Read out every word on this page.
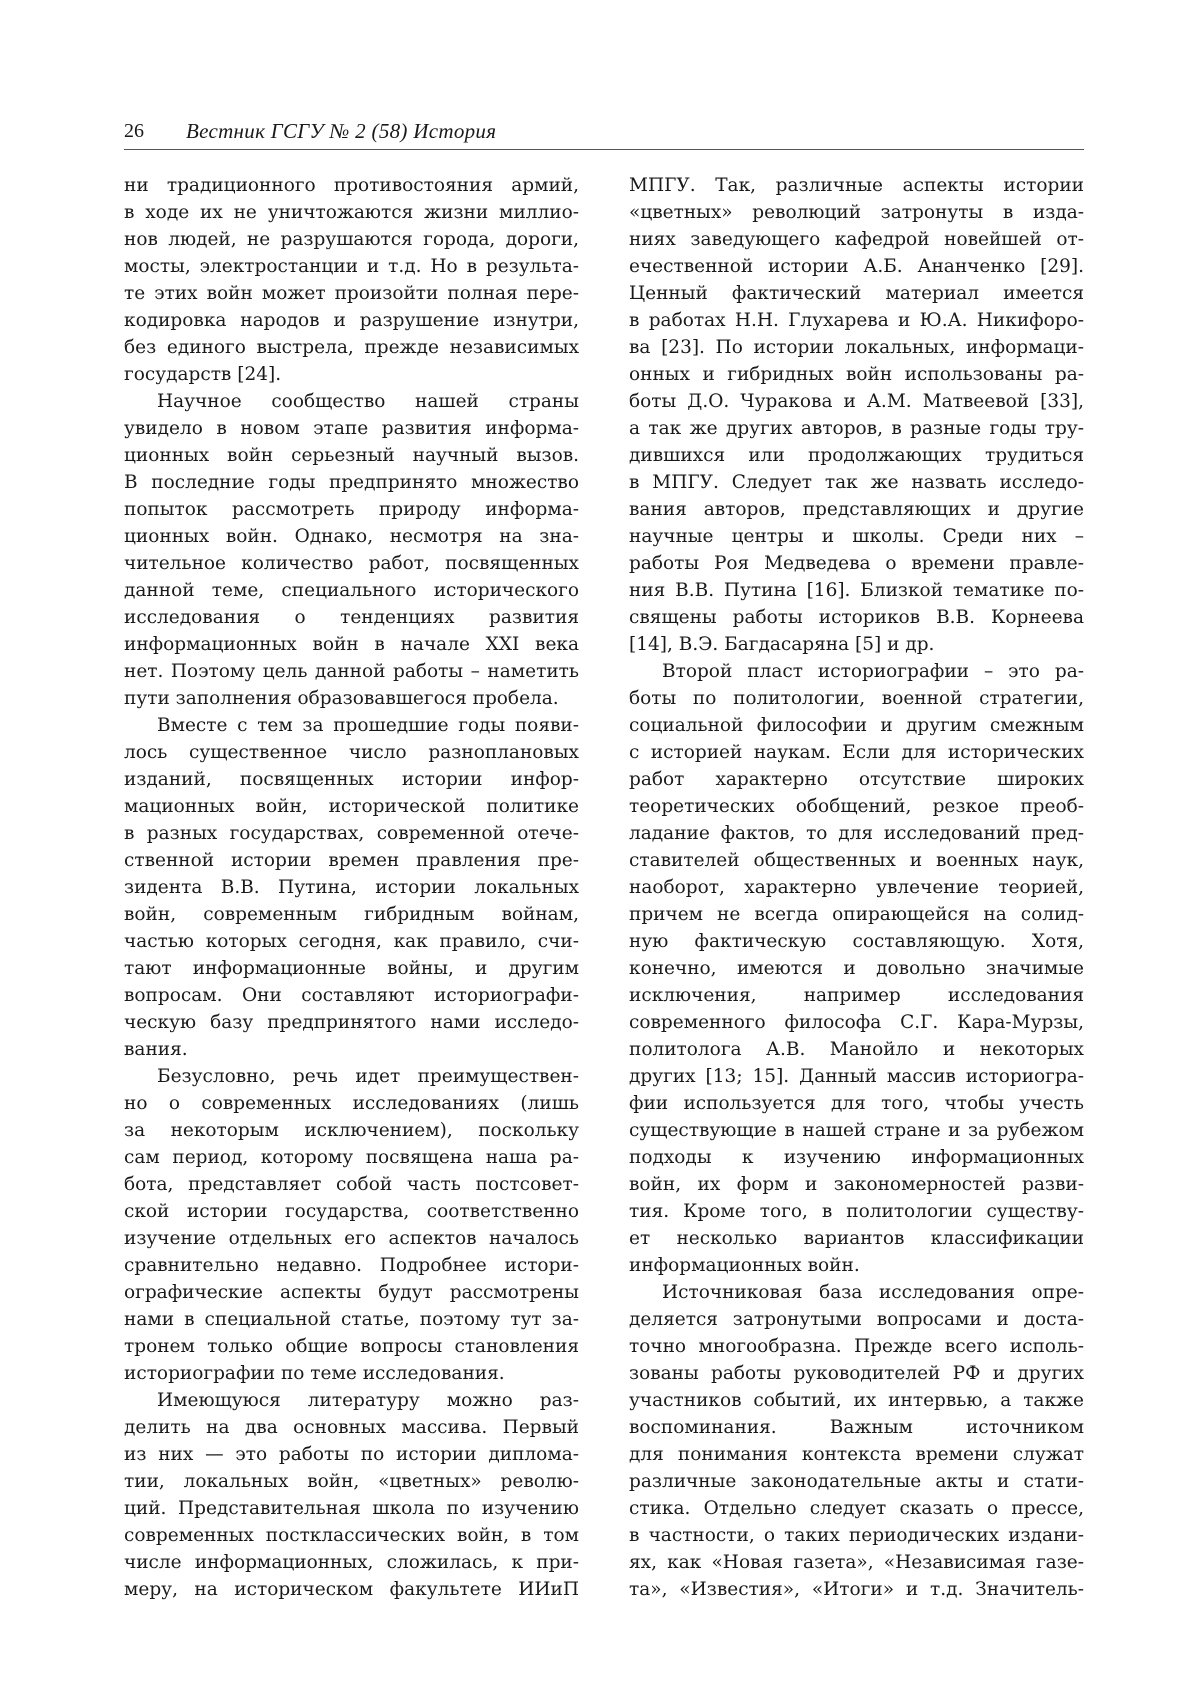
26 Вестник ГСГУ № 2 (58) История
ни традиционного противостояния армий,
в ходе их не уничтожаются жизни миллио-
нов людей, не разрушаются города, дороги,
мосты, электростанции и т.д. Но в результа-
те этих войн может произойти полная пере-
кодировка народов и разрушение изнутри,
без единого выстрела, прежде независимых
государств [24].
Научное сообщество нашей страны
увидело в новом этапе развития информа-
ционных войн серьезный научный вызов.
В последние годы предпринято множество
попыток рассмотреть природу информа-
ционных войн. Однако, несмотря на зна-
чительное количество работ, посвященных
данной теме, специального исторического
исследования о тенденциях развития
информационных войн в начале XXI века
нет. Поэтому цель данной работы – наметить
пути заполнения образовавшегося пробела.
Вместе с тем за прошедшие годы появи-
лось существенное число разноплановых
изданий, посвященных истории инфор-
мационных войн, исторической политике
в разных государствах, современной отече-
ственной истории времен правления пре-
зидента В.В. Путина, истории локальных
войн, современным гибридным войнам,
частью которых сегодня, как правило, счи-
тают информационные войны, и другим
вопросам. Они составляют историографи-
ческую базу предпринятого нами исследо-
вания.
Безусловно, речь идет преимуществен-
но о современных исследованиях (лишь
за некоторым исключением), поскольку
сам период, которому посвящена наша ра-
бота, представляет собой часть постсовет-
ской истории государства, соответственно
изучение отдельных его аспектов началось
сравнительно недавно. Подробнее истори-
ографические аспекты будут рассмотрены
нами в специальной статье, поэтому тут за-
тронем только общие вопросы становления
историографии по теме исследования.
Имеющуюся литературу можно раз-
делить на два основных массива. Первый
из них — это работы по истории диплома-
тии, локальных войн, «цветных» револю-
ций. Представительная школа по изучению
современных постклассических войн, в том
числе информационных, сложилась, к при-
меру, на историческом факультете ИИиП
МПГУ. Так, различные аспекты истории
«цветных» революций затронуты в изда-
ниях заведующего кафедрой новейшей от-
ечественной истории А.Б. Ананченко [29].
Ценный фактический материал имеется
в работах Н.Н. Глухарева и Ю.А. Никифоро-
ва [23]. По истории локальных, информаци-
онных и гибридных войн использованы ра-
боты Д.О. Чуракова и А.М. Матвеевой [33],
а так же других авторов, в разные годы тру-
дившихся или продолжающих трудиться
в МПГУ. Следует так же назвать исследо-
вания авторов, представляющих и другие
научные центры и школы. Среди них –
работы Роя Медведева о времени правле-
ния В.В. Путина [16]. Близкой тематике по-
священы работы историков В.В. Корнеева
[14], В.Э. Багдасаряна [5] и др.
Второй пласт историографии – это ра-
боты по политологии, военной стратегии,
социальной философии и другим смежным
с историей наукам. Если для исторических
работ характерно отсутствие широких
теоретических обобщений, резкое преоб-
ладание фактов, то для исследований пред-
ставителей общественных и военных наук,
наоборот, характерно увлечение теорией,
причем не всегда опирающейся на солид-
ную фактическую составляющую. Хотя,
конечно, имеются и довольно значимые
исключения, например исследования
современного философа С.Г. Кара-Мурзы,
политолога А.В. Манойло и некоторых
других [13; 15]. Данный массив историогра-
фии используется для того, чтобы учесть
существующие в нашей стране и за рубежом
подходы к изучению информационных
войн, их форм и закономерностей разви-
тия. Кроме того, в политологии существу-
ет несколько вариантов классификации
информационных войн.
Источниковая база исследования опре-
деляется затронутыми вопросами и доста-
точно многообразна. Прежде всего исполь-
зованы работы руководителей РФ и других
участников событий, их интервью, а также
воспоминания. Важным источником
для понимания контекста времени служат
различные законодательные акты и стати-
стика. Отдельно следует сказать о прессе,
в частности, о таких периодических издани-
ях, как «Новая газета», «Независимая газе-
та», «Известия», «Итоги» и т.д. Значитель-
